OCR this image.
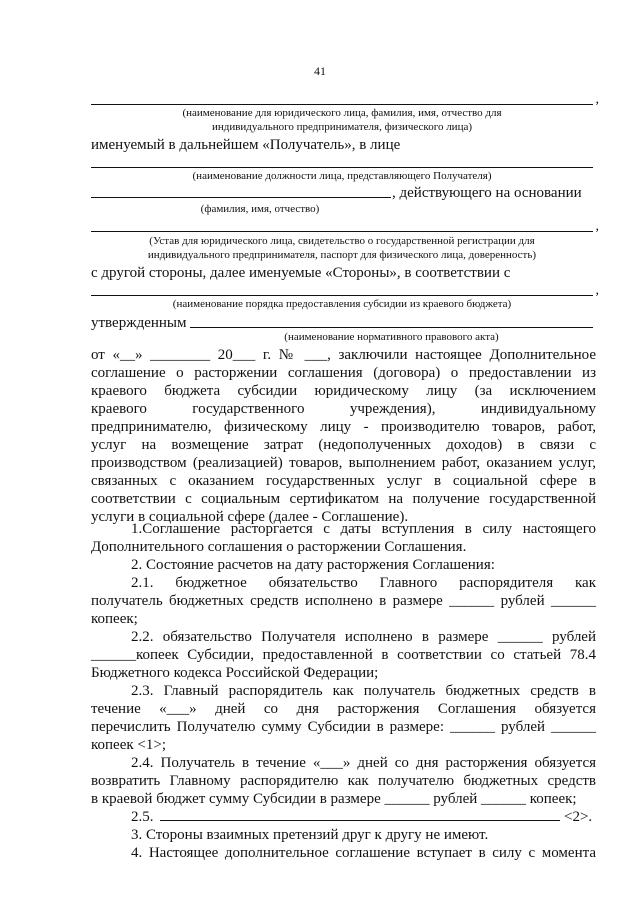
41
,
(наименование для юридического лица, фамилия, имя, отчество для
индивидуального предпринимателя, физического лица)
именуемый в дальнейшем «Получатель», в лице
(наименование должности лица, представляющего Получателя)
, действующего на основании
(фамилия, имя, отчество)
,
(Устав для юридического лица, свидетельство о государственной регистрации для
индивидуального предпринимателя, паспорт для физического лица, доверенность)
с другой стороны, далее именуемые «Стороны», в соответствии с
,
(наименование порядка предоставления субсидии из краевого бюджета)
утвержденным
(наименование нормативного правового акта)
от «__» ________ 20___ г. № ___, заключили настоящее Дополнительное
соглашение о расторжении соглашения (договора) о предоставлении из
краевого бюджета субсидии юридическому лицу (за исключением
краевого государственного учреждения), индивидуальному
предпринимателю, физическому лицу - производителю товаров, работ,
услуг на возмещение затрат (недополученных доходов) в связи с
производством (реализацией) товаров, выполнением работ, оказанием услуг,
связанных с оказанием государственных услуг в социальной сфере в
соответствии с социальным сертификатом на получение государственной
услуги в социальной сфере (далее - Соглашение).
1.Соглашение расторгается с даты вступления в силу настоящего
Дополнительного соглашения о расторжении Соглашения.
2. Состояние расчетов на дату расторжения Соглашения:
2.1. бюджетное обязательство Главного распорядителя как
получатель бюджетных средств исполнено в размере ______ рублей ______
копеек;
2.2. обязательство Получателя исполнено в размере ______ рублей
______копеек Субсидии, предоставленной в соответствии со статьей 78.4
Бюджетного кодекса Российской Федерации;
2.3. Главный распорядитель как получатель бюджетных средств в
течение «___» дней со дня расторжения Соглашения обязуется
перечислить Получателю сумму Субсидии в размере: ______ рублей ______
копеек <1>;
2.4. Получатель в течение «___» дней со дня расторжения обязуется
возвратить Главному распорядителю как получателю бюджетных средств
в краевой бюджет сумму Субсидии в размере ______ рублей ______ копеек;
2.5.	<2>.
3. Стороны взаимных претензий друг к другу не имеют.
4. Настоящее дополнительное соглашение вступает в силу с момента
